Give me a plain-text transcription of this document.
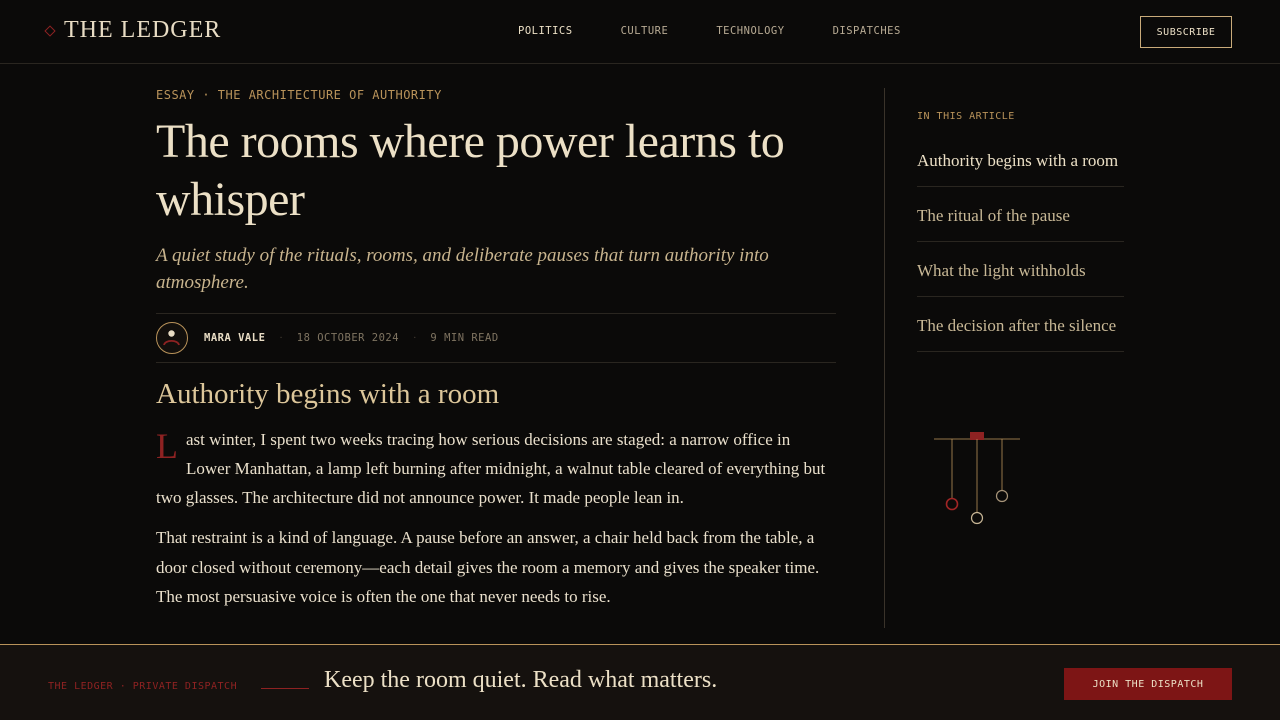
THE LEDGER	POLITICS	CULTURE	TECHNOLOGY	DISPATCHES	SUBSCRIBE
ESSAY · THE ARCHITECTURE OF AUTHORITY
The rooms where power learns to whisper

A quiet study of the rituals, rooms, and deliberate pauses that turn authority into atmosphere.

MARA VALE · 18 OCTOBER 2024 · 9 MIN READ
Authority begins with a room

Last winter, I spent two weeks tracing how serious decisions are staged: a narrow office in Lower Manhattan, a lamp left burning after midnight, a walnut table cleared of everything but two glasses. The architecture did not announce power. It made people lean in.

That restraint is a kind of language. A pause before an answer, a chair held back from the table, a door closed without ceremony—each detail gives the room a memory and gives the speaker time. The most persuasive voice is often the one that never needs to rise.

IN THIS ARTICLE
Authority begins with a room
The ritual of the pause
What the light withholds
The decision after the silence
THE LEDGER · PRIVATE DISPATCH	Keep the room quiet. Read what matters.	JOIN THE DISPATCH
